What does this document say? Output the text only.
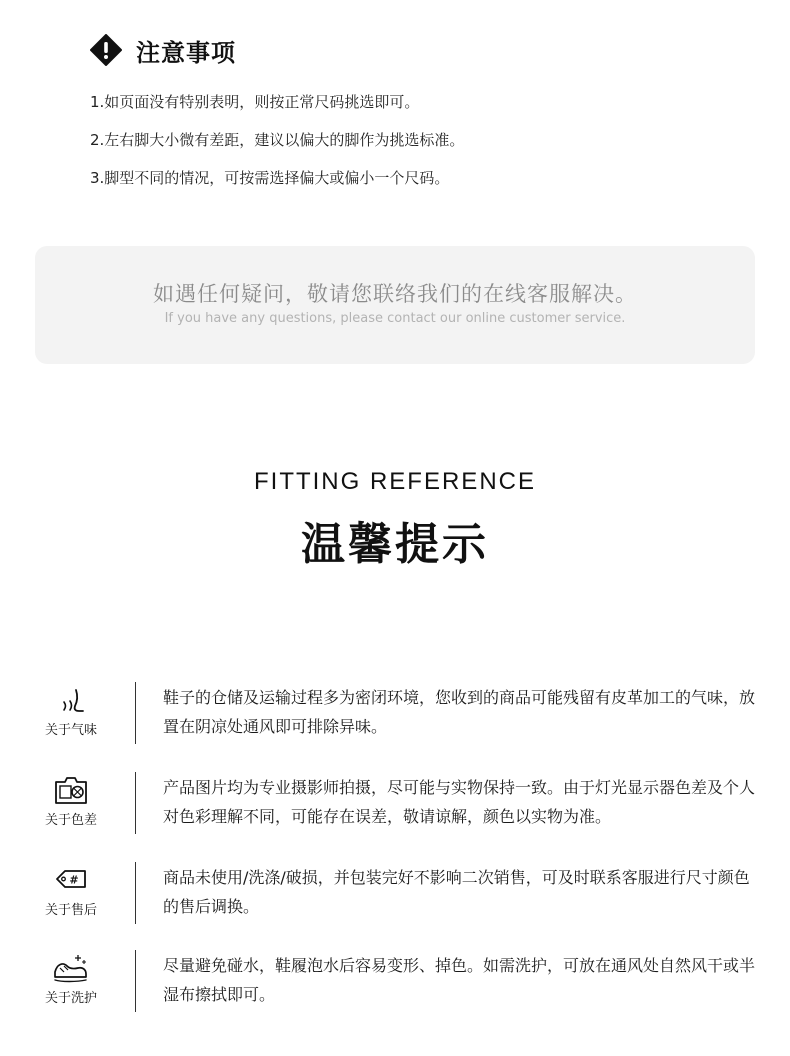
注意事项
1.如页面没有特别表明，则按正常尺码挑选即可。
2.左右脚大小微有差距，建议以偏大的脚作为挑选标准。
3.脚型不同的情况，可按需选择偏大或偏小一个尺码。
如遇任何疑问，敬请您联络我们的在线客服解决。
If you have any questions, please contact our online customer service.
FITTING REFERENCE
温馨提示
关于气味
鞋子的仓储及运输过程多为密闭环境，您收到的商品可能残留有皮革加工的气味，放置在阴凉处通风即可排除异味。
关于色差
产品图片均为专业摄影师拍摄，尽可能与实物保持一致。由于灯光显示器色差及个人对色彩理解不同，可能存在误差，敬请谅解，颜色以实物为准。
#
关于售后
商品未使用/洗涤/破损，并包装完好不影响二次销售，可及时联系客服进行尺寸颜色的售后调换。
关于洗护
尽量避免碰水，鞋履泡水后容易变形、掉色。如需洗护，可放在通风处自然风干或半湿布擦拭即可。
